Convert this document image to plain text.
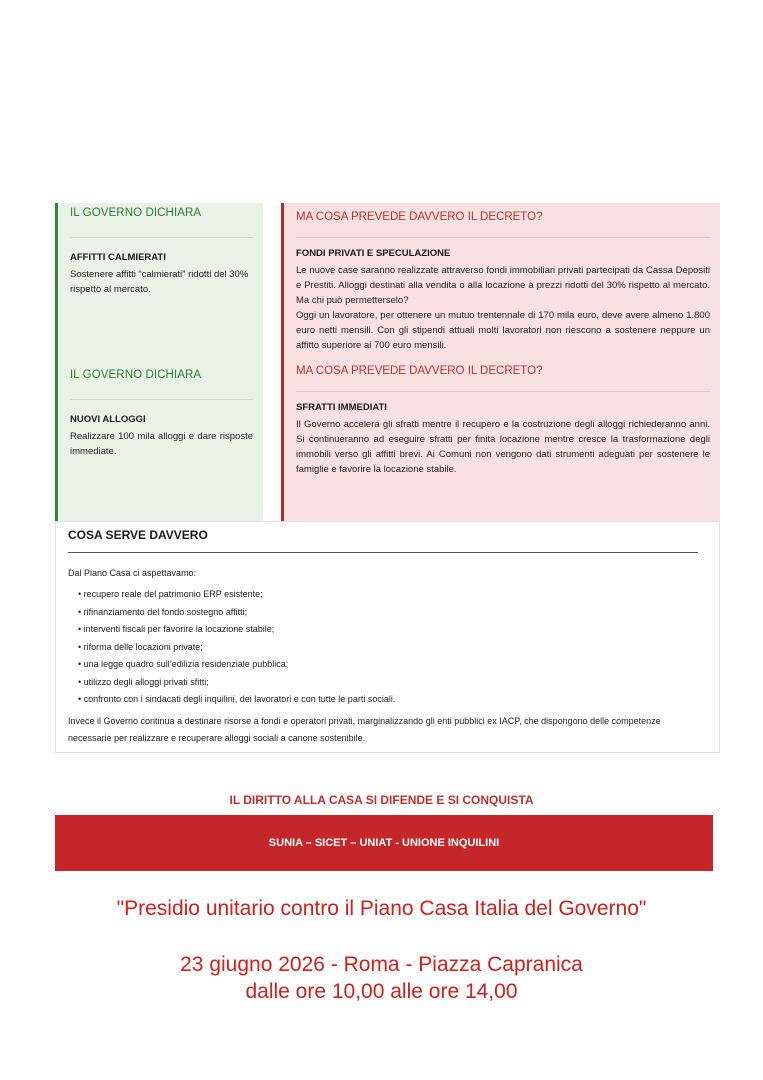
IL GOVERNO DICHIARA
AFFITTI CALMIERATI
Sostenere affitti “calmierati” ridotti del 30% rispetto al mercato.
IL GOVERNO DICHIARA
NUOVI ALLOGGI
Realizzare 100 mila alloggi e dare risposte immediate.
MA COSA PREVEDE DAVVERO IL DECRETO?
FONDI PRIVATI E SPECULAZIONE
Le nuove case saranno realizzate attraverso fondi immobiliari privati partecipati da Cassa Depositi e Prestiti. Alloggi destinati alla vendita o alla locazione a prezzi ridotti del 30% rispetto al mercato. Ma chi può permetterselo?
Oggi un lavoratore, per ottenere un mutuo trentennale di 170 mila euro, deve avere almeno 1.800 euro netti mensili. Con gli stipendi attuali molti lavoratori non riescono a sostenere neppure un affitto superiore ai 700 euro mensili.
MA COSA PREVEDE DAVVERO IL DECRETO?
SFRATTI IMMEDIATI
Il Governo accelera gli sfratti mentre il recupero e la costruzione degli alloggi richiederanno anni. Si continueranno ad eseguire sfratti per finita locazione mentre cresce la trasformazione degli immobili verso gli affitti brevi. Ai Comuni non vengono dati strumenti adeguati per sostenere le famiglie e favorire la locazione stabile.
COSA SERVE DAVVERO
Dal Piano Casa ci aspettavamo:
• recupero reale del patrimonio ERP esistente;
• rifinanziamento del fondo sostegno affitti;
• interventi fiscali per favorire la locazione stabile;
• riforma delle locazioni private;
• una legge quadro sull’edilizia residenziale pubblica;
• utilizzo degli alloggi privati sfitti;
• confronto con i sindacati degli inquilini, dei lavoratori e con tutte le parti sociali.
Invece il Governo continua a destinare risorse a fondi e operatori privati, marginalizzando gli enti pubblici ex IACP, che dispongono delle competenze necessarie per realizzare e recuperare alloggi sociali a canone sostenibile.
IL DIRITTO ALLA CASA SI DIFENDE E SI CONQUISTA
SUNIA – SICET – UNIAT - UNIONE INQUILINI
"Presidio unitario contro il Piano Casa Italia del Governo"
23 giugno 2026 - Roma - Piazza Capranica
dalle ore 10,00 alle ore 14,00
